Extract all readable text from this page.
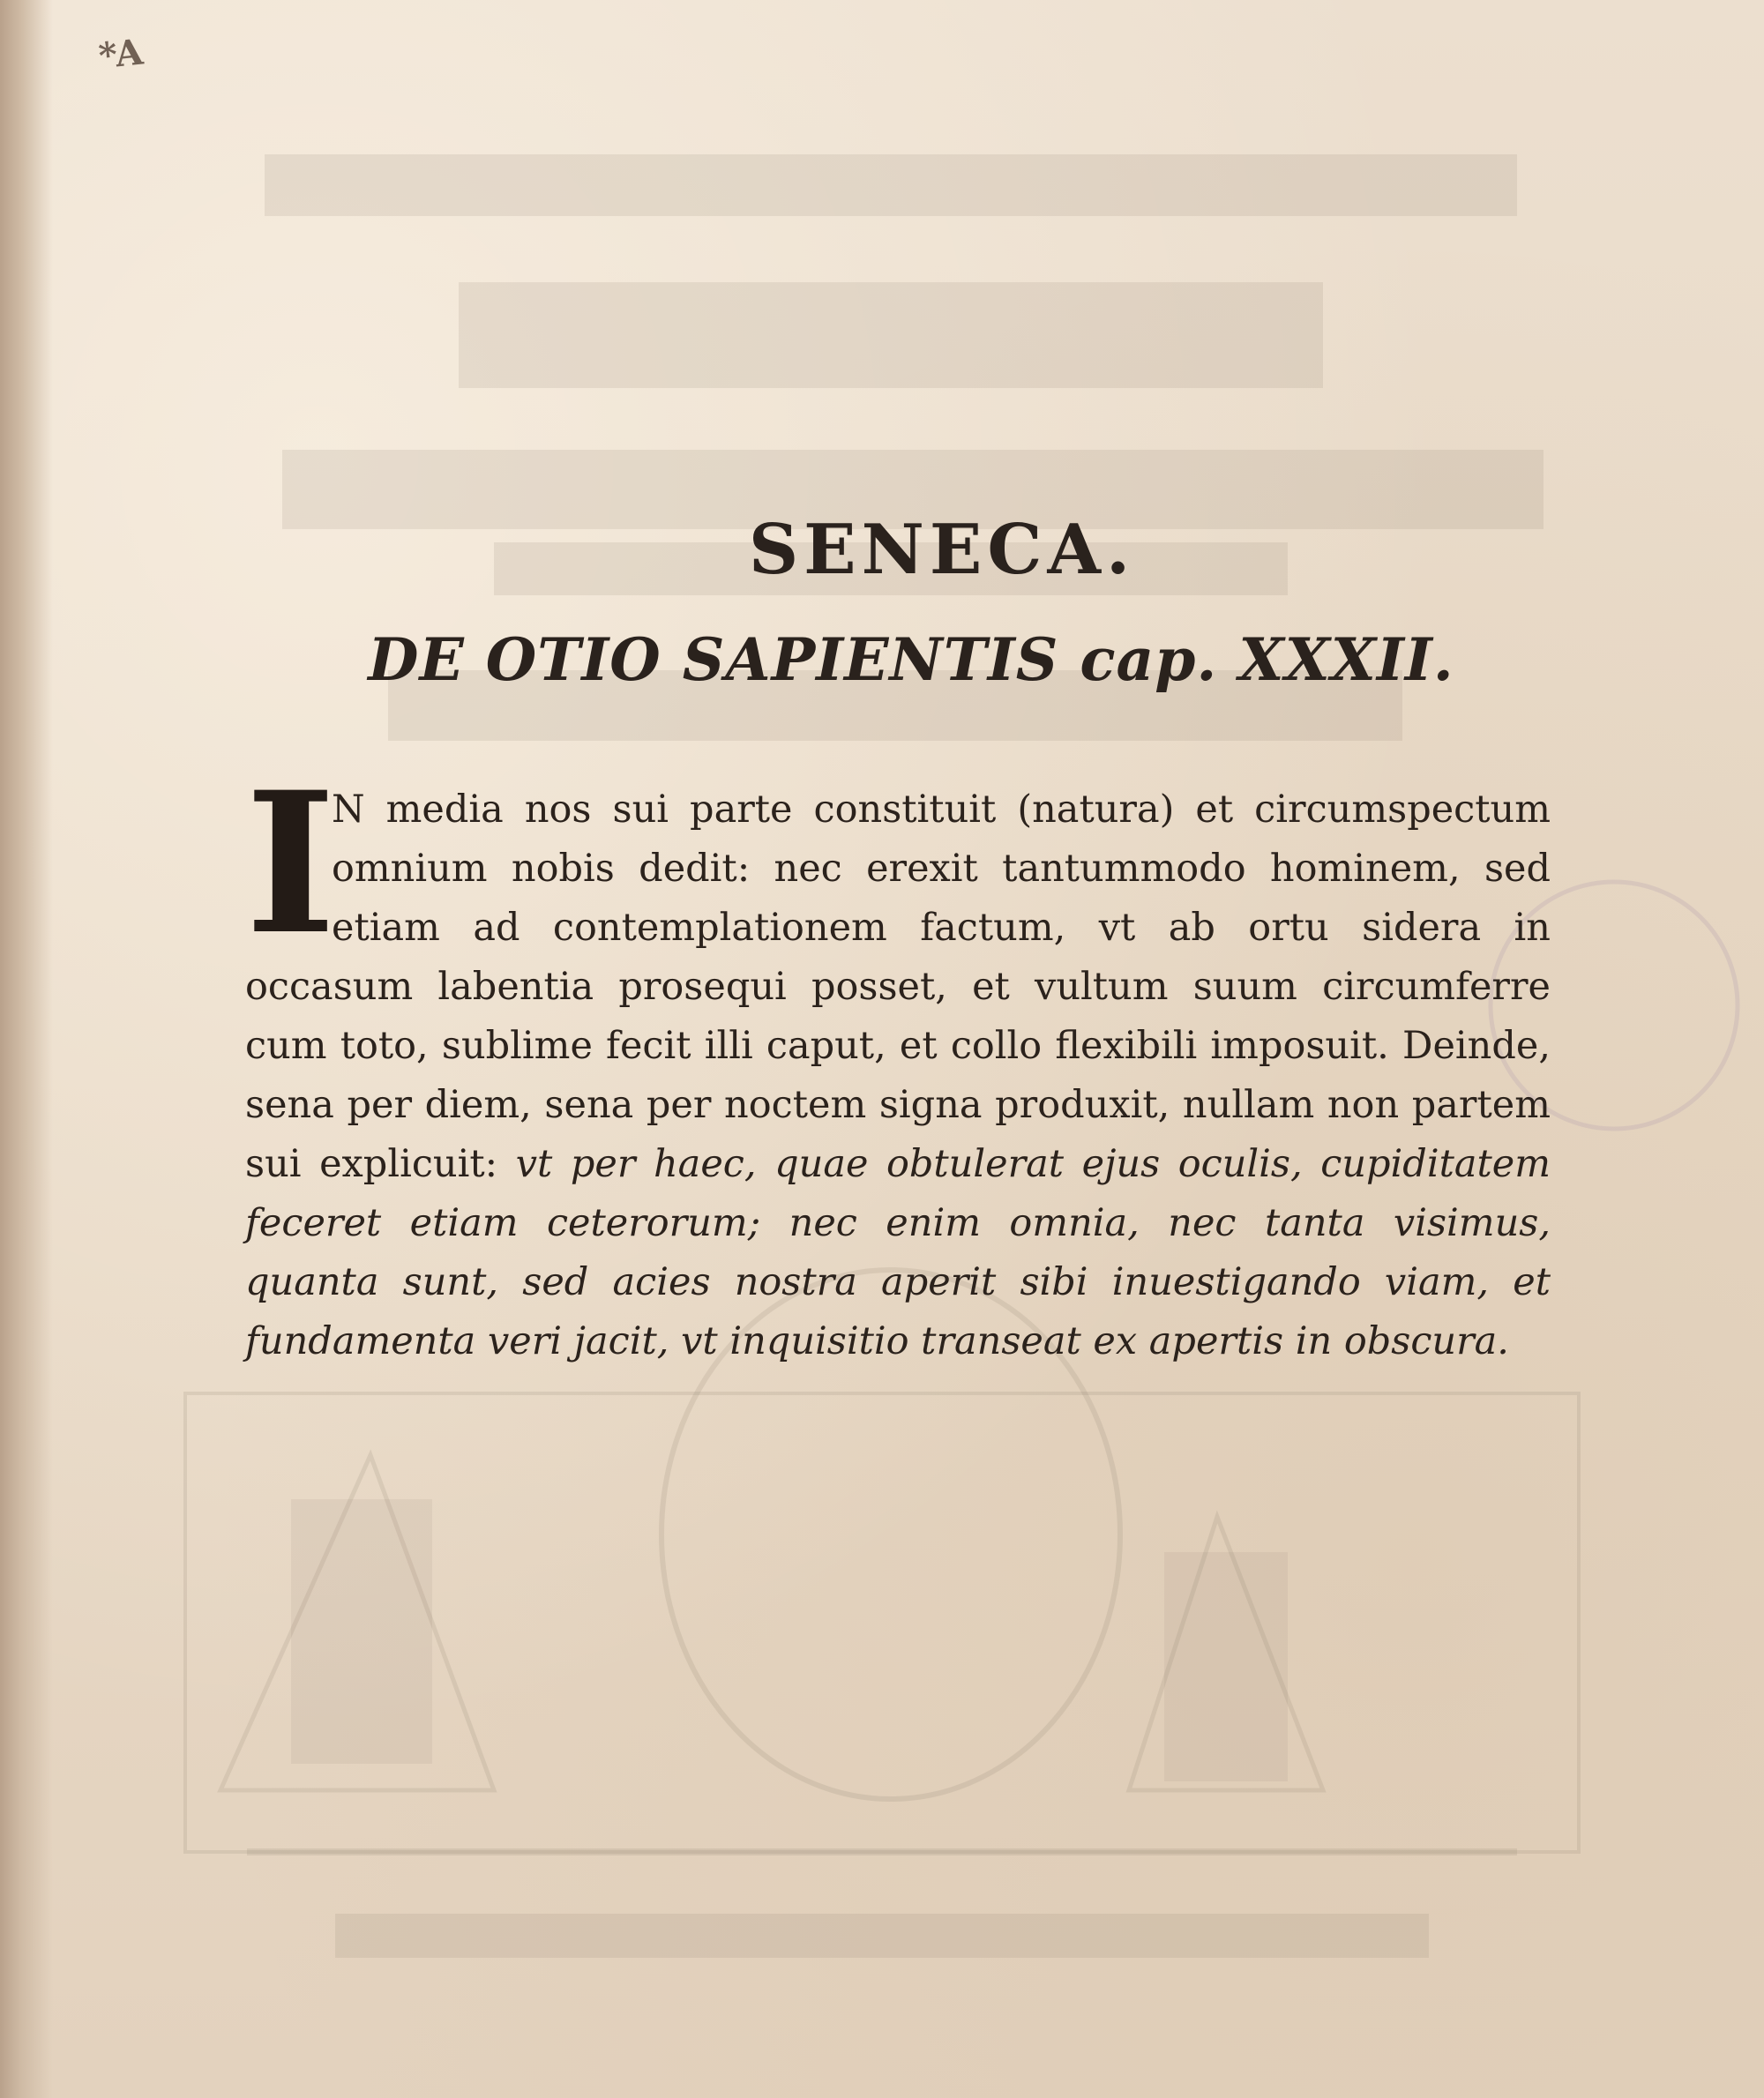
*A
SENECA.
DE OTIO SAPIENTIS cap. XXXII.
I
N media nos sui parte constituit (natura) et circumspectum omnium nobis dedit: nec erexit tantummodo hominem, sed etiam ad contemplationem factum, vt ab ortu sidera in occasum labentia prosequi posset, et vultum suum circumferre cum toto, sublime fecit illi caput, et collo flexibili imposuit. Deinde, sena per diem, sena per noctem signa produxit, nullam non partem sui explicuit: vt per haec, quae obtulerat ejus oculis, cupiditatem feceret etiam ceterorum; nec enim omnia, nec tanta visimus, quanta sunt, sed acies nostra aperit sibi inuestigando viam, et fundamenta veri jacit, vt inquisitio transeat ex apertis in obscura.
